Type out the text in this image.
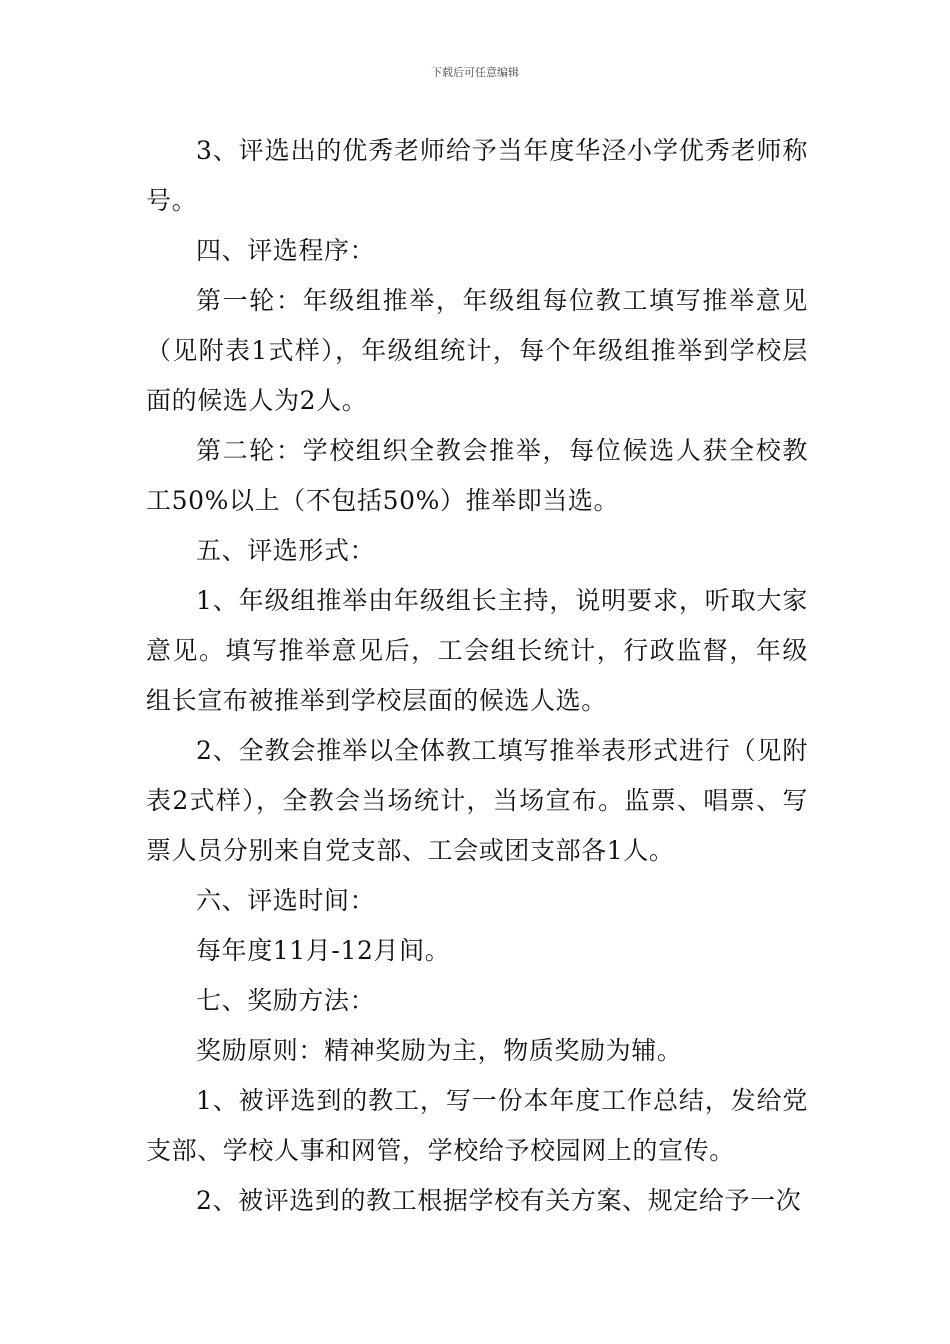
下载后可任意编辑

3、评选出的优秀老师给予当年度华泾小学优秀老师称号。

四、评选程序：

第一轮：年级组推举，年级组每位教工填写推举意见（见附表1式样），年级组统计，每个年级组推举到学校层面的候选人为2人。

第二轮：学校组织全教会推举，每位候选人获全校教工50%以上（不包括50%）推举即当选。

五、评选形式：

1、年级组推举由年级组长主持，说明要求，听取大家意见。填写推举意见后，工会组长统计，行政监督，年级组长宣布被推举到学校层面的候选人选。

2、全教会推举以全体教工填写推举表形式进行（见附表2式样），全教会当场统计，当场宣布。监票、唱票、写票人员分别来自党支部、工会或团支部各1人。

六、评选时间：

每年度11月-12月间。

七、奖励方法：

奖励原则：精神奖励为主，物质奖励为辅。

1、被评选到的教工，写一份本年度工作总结，发给党支部、学校人事和网管，学校给予校园网上的宣传。

2、被评选到的教工根据学校有关方案、规定给予一次
